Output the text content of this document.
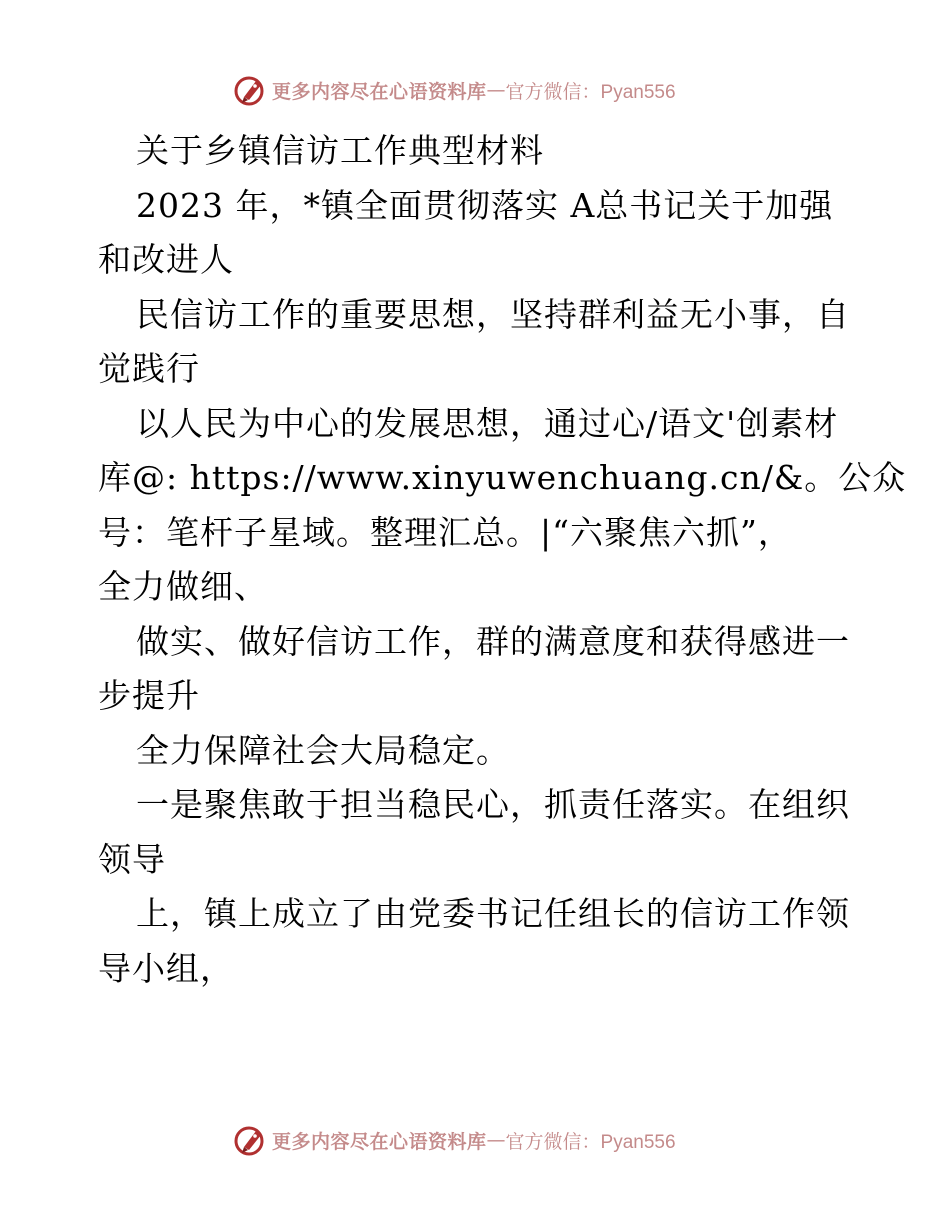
更多内容尽在心语资料库 — 官方微信：Pyan556
关于乡镇信访工作典型材料
2023 年，*镇全面贯彻落实 A总书记关于加强
和改进人
民信访工作的重要思想，坚持群利益无小事，自
觉践行
以人民为中心的发展思想，通过心/语文'创素材
库@: https://www.xinyuwenchuang.cn/&。公众
号：笔杆子星域。整理汇总。|“六聚焦六抓”，
全力做细、
做实、做好信访工作，群的满意度和获得感进一
步提升
全力保障社会大局稳定。
一是聚焦敢于担当稳民心，抓责任落实。在组织
领导
上，镇上成立了由党委书记任组长的信访工作领
导小组，
更多内容尽在心语资料库 — 官方微信：Pyan556
